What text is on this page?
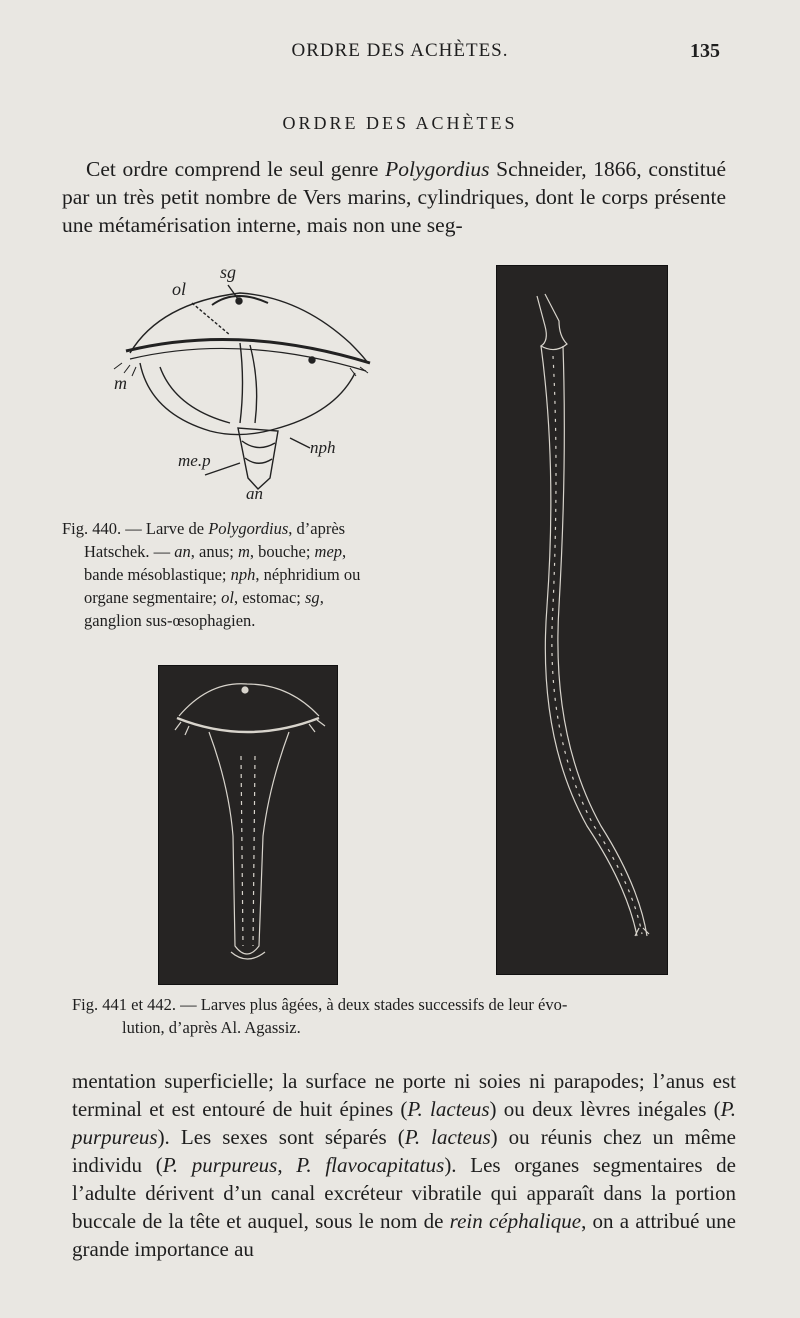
ORDRE DES ACHÈTES.	135
ORDRE DES ACHÈTES

Cet ordre comprend le seul genre Polygordius Schneider, 1866, constitué par un très petit nombre de Vers marins, cylindriques, dont le corps présente une métamérisation interne, mais non une seg-

sg
ol
m
me.p
nph
an
Fig. 440. — Larve de Polygordius, d’après
Hatschek. — an, anus; m, bouche; mep,
bande mésoblastique; nph, néphridium ou
organe segmentaire; ol, estomac; sg,
ganglion sus-œsophagien.
Fig. 441 et 442. — Larves plus âgées, à deux stades successifs de leur évo-
lution, d’après Al. Agassiz.

mentation superficielle; la surface ne porte ni soies ni parapodes; l’anus est terminal et est entouré de huit épines (P. lacteus) ou deux lèvres inégales (P. purpureus). Les sexes sont séparés (P. lacteus) ou réunis chez un même individu (P. purpureus, P. flavocapitatus). Les organes segmentaires de l’adulte dérivent d’un canal excréteur vibratile qui apparaît dans la portion buccale de la tête et auquel, sous le nom de rein céphalique, on a attribué une grande importance au
